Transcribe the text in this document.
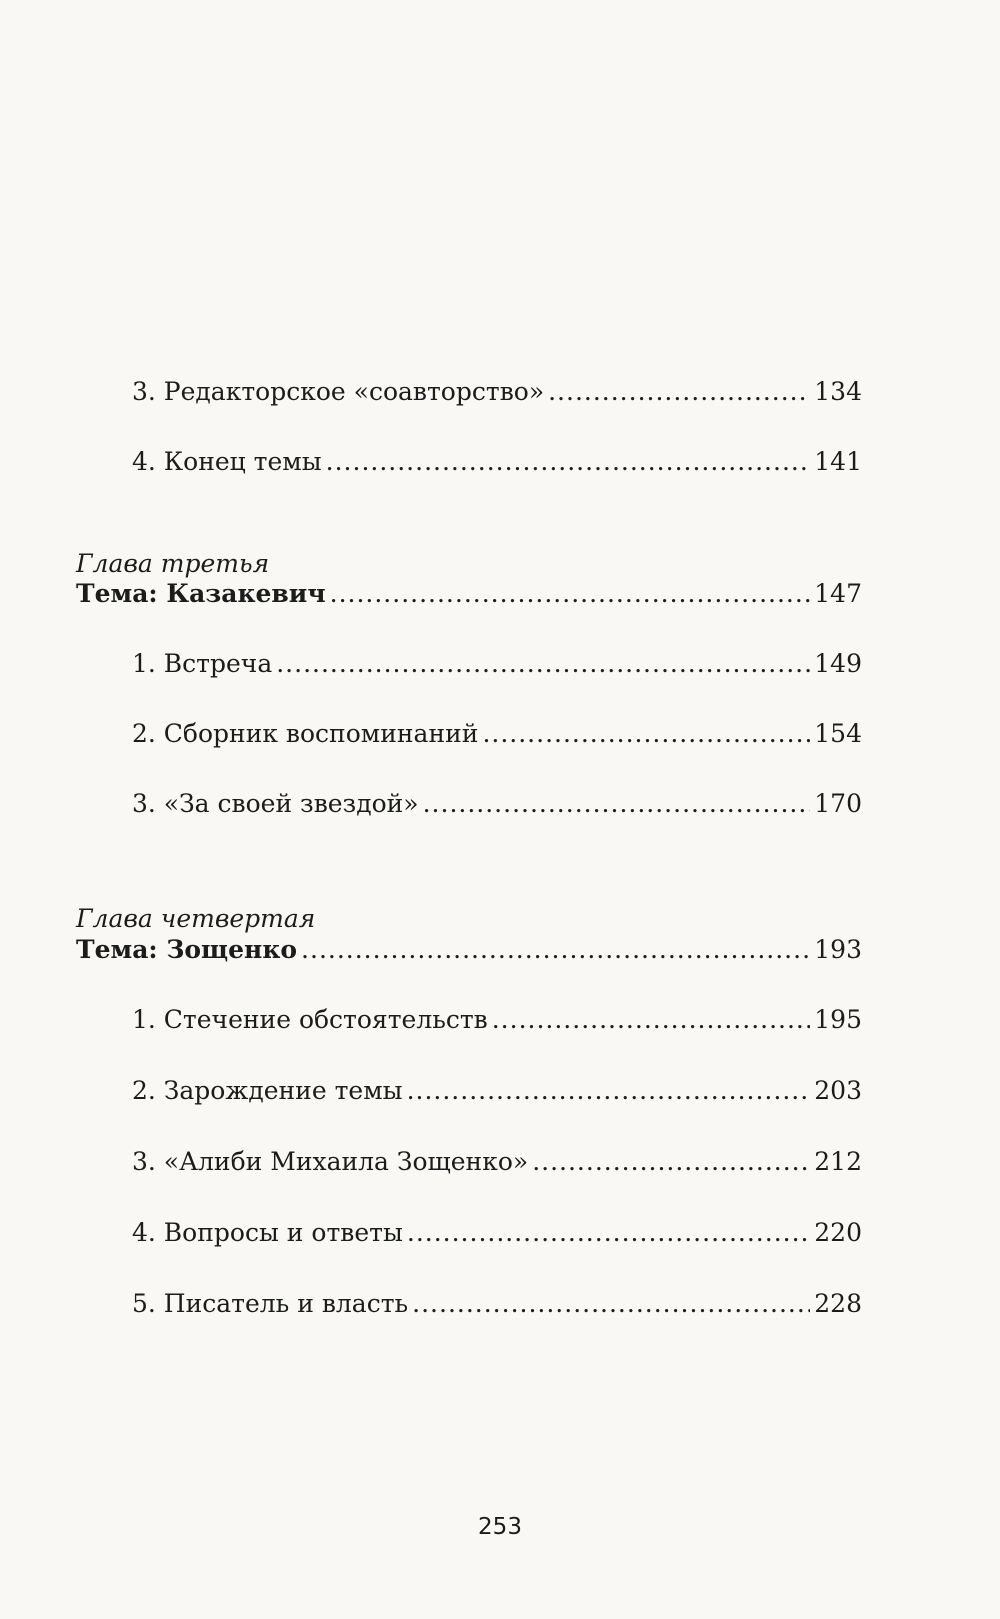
3. Редакторское «соавторство» .....	134
4. Конец темы .....	141
Глава третья
Тема: Казакевич .....	147
1. Встреча .....	149
2. Сборник воспоминаний .....	154
3. «За своей звездой» .....	170
Глава четвертая
Тема: Зощенко .....	193
1. Стечение обстоятельств .....	195
2. Зарождение темы .....	203
3. «Алиби Михаила Зощенко» .....	212
4. Вопросы и ответы .....	220
5. Писатель и власть .....	228
253
